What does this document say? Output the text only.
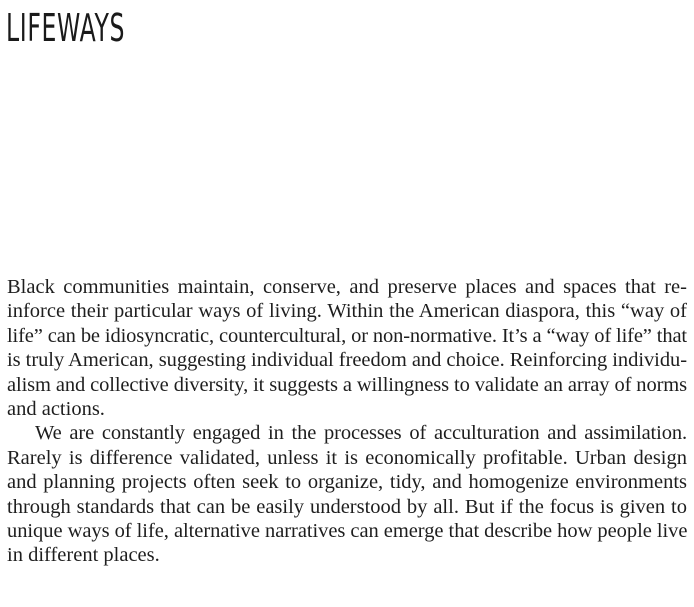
LIFEWAYS
Black communities maintain, conserve, and preserve places and spaces that re-
inforce their particular ways of living. Within the American diaspora, this “way of
life” can be idiosyncratic, countercultural, or non-normative. It’s a “way of life” that
is truly American, suggesting individual freedom and choice. Reinforcing individu-
alism and collective diversity, it suggests a willingness to validate an array of norms
and actions.
We are constantly engaged in the processes of acculturation and assimilation.
Rarely is difference validated, unless it is economically profitable. Urban design
and planning projects often seek to organize, tidy, and homogenize environments
through standards that can be easily understood by all. But if the focus is given to
unique ways of life, alternative narratives can emerge that describe how people live
in different places.
